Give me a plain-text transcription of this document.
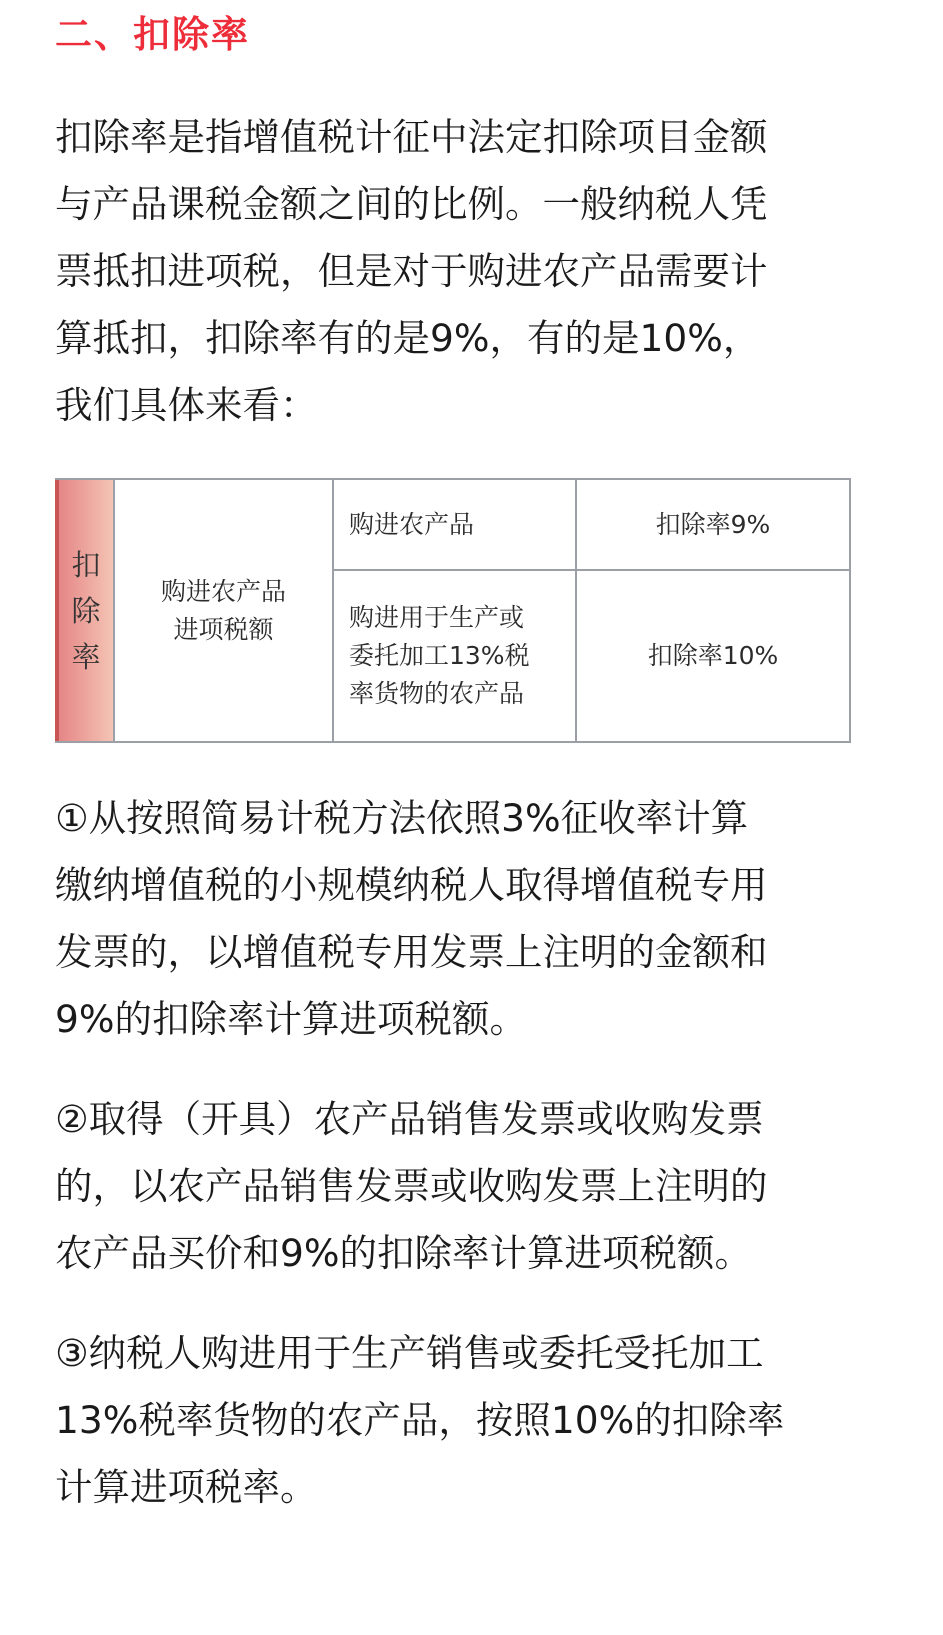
二、扣除率

扣除率是指增值税计征中法定扣除项目金额
与产品课税金额之间的比例。一般纳税人凭
票抵扣进项税，但是对于购进农产品需要计
算抵扣，扣除率有的是9%，有的是10%，
我们具体来看：

扣
除
率
购进农产品
进项税额
购进农产品	扣除率9%
购进用于生产或
委托加工13%税
率货物的农产品
扣除率10%

①从按照简易计税方法依照3%征收率计算
缴纳增值税的小规模纳税人取得增值税专用
发票的，以增值税专用发票上注明的金额和
9%的扣除率计算进项税额。

②取得（开具）农产品销售发票或收购发票
的，以农产品销售发票或收购发票上注明的
农产品买价和9%的扣除率计算进项税额。

③纳税人购进用于生产销售或委托受托加工
13%税率货物的农产品，按照10%的扣除率
计算进项税率。
